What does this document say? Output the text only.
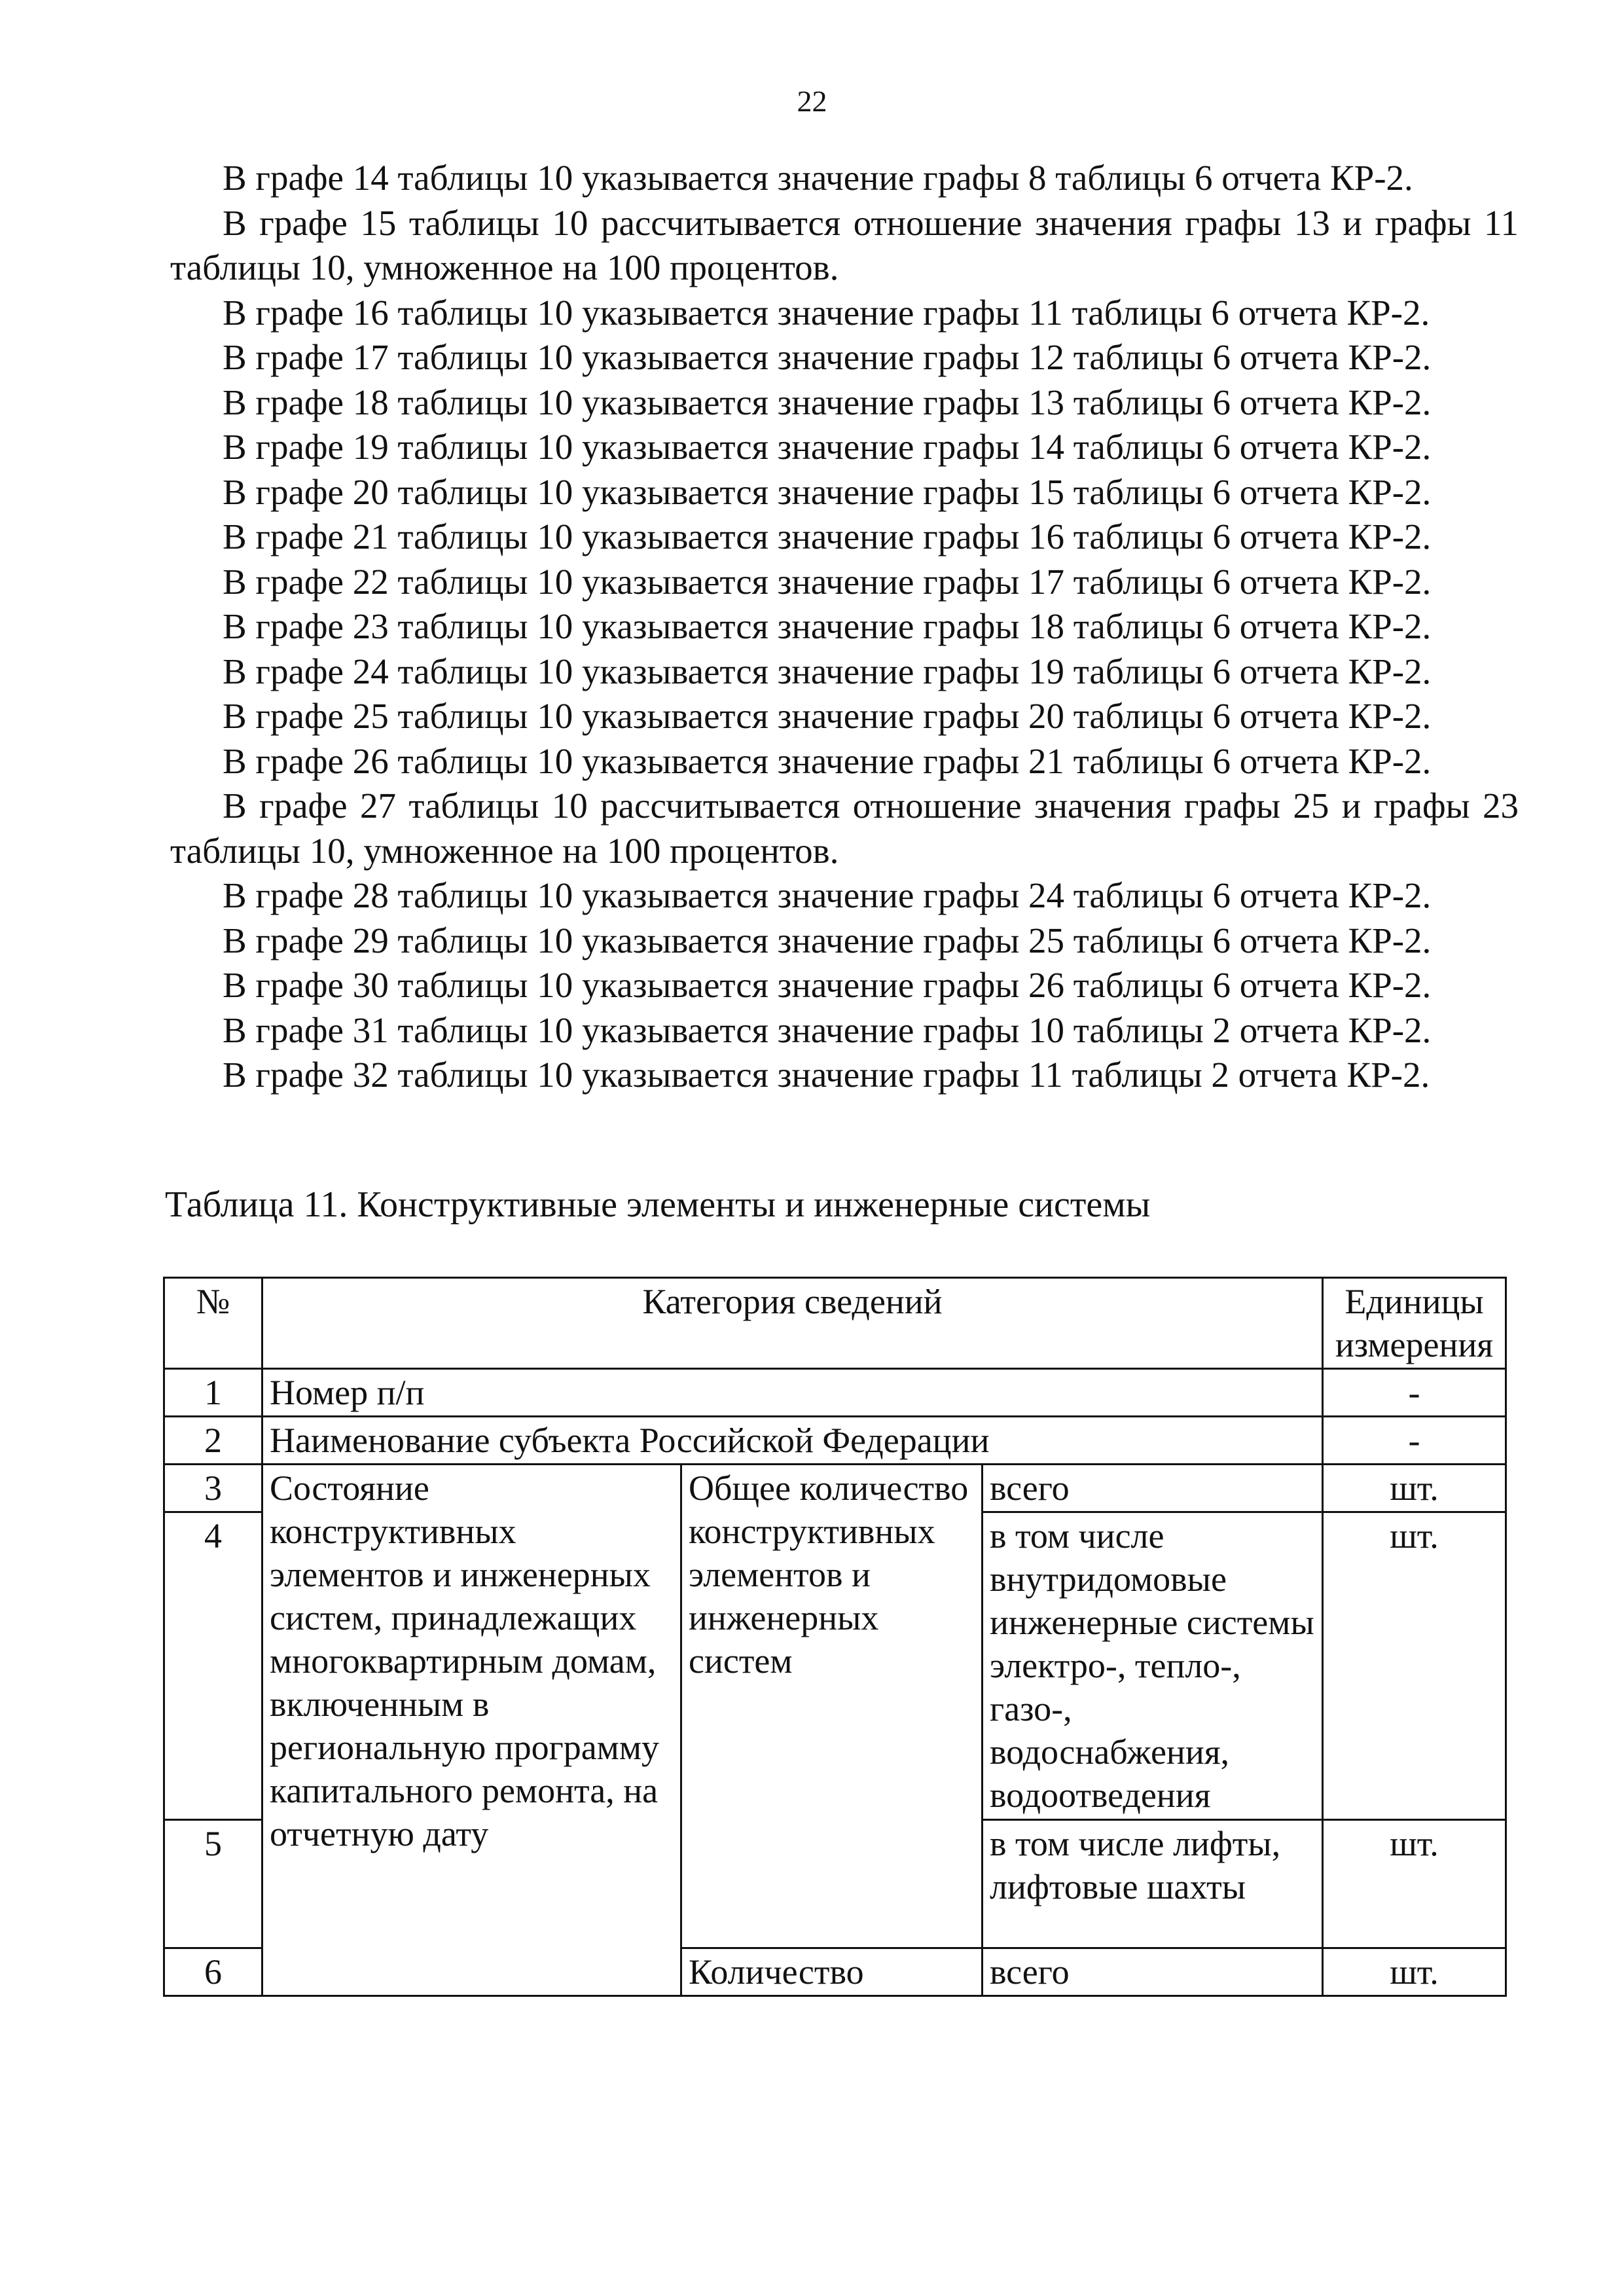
22

В графе 14 таблицы 10 указывается значение графы 8 таблицы 6 отчета КР-2.

В графе 15 таблицы 10 рассчитывается отношение значения графы 13 и графы 11 таблицы 10, умноженное на 100 процентов.

В графе 16 таблицы 10 указывается значение графы 11 таблицы 6 отчета КР-2.

В графе 17 таблицы 10 указывается значение графы 12 таблицы 6 отчета КР-2.

В графе 18 таблицы 10 указывается значение графы 13 таблицы 6 отчета КР-2.

В графе 19 таблицы 10 указывается значение графы 14 таблицы 6 отчета КР-2.

В графе 20 таблицы 10 указывается значение графы 15 таблицы 6 отчета КР-2.

В графе 21 таблицы 10 указывается значение графы 16 таблицы 6 отчета КР-2.

В графе 22 таблицы 10 указывается значение графы 17 таблицы 6 отчета КР-2.

В графе 23 таблицы 10 указывается значение графы 18 таблицы 6 отчета КР-2.

В графе 24 таблицы 10 указывается значение графы 19 таблицы 6 отчета КР-2.

В графе 25 таблицы 10 указывается значение графы 20 таблицы 6 отчета КР-2.

В графе 26 таблицы 10 указывается значение графы 21 таблицы 6 отчета КР-2.

В графе 27 таблицы 10 рассчитывается отношение значения графы 25 и графы 23 таблицы 10, умноженное на 100 процентов.

В графе 28 таблицы 10 указывается значение графы 24 таблицы 6 отчета КР-2.

В графе 29 таблицы 10 указывается значение графы 25 таблицы 6 отчета КР-2.

В графе 30 таблицы 10 указывается значение графы 26 таблицы 6 отчета КР-2.

В графе 31 таблицы 10 указывается значение графы 10 таблицы 2 отчета КР-2.

В графе 32 таблицы 10 указывается значение графы 11 таблицы 2 отчета КР-2.

Таблица 11. Конструктивные элементы и инженерные системы
№	Категория сведений			Единицы измерения
1	Номер п/п			-
2	Наименование субъекта Российской Федерации			-
3	Состояние конструктивных элементов и инженерных систем, принадлежащих многоквартирным домам, включенным в региональную программу капитального ремонта, на отчетную дату	Общее количество конструктивных элементов и инженерных систем	всего	шт.
4			в том числе внутридомовые инженерные системы электро-, тепло-, газо-, водоснабжения, водоотведения	шт.
5			в том числе лифты, лифтовые шахты	шт.
6		Количество	всего	шт.
